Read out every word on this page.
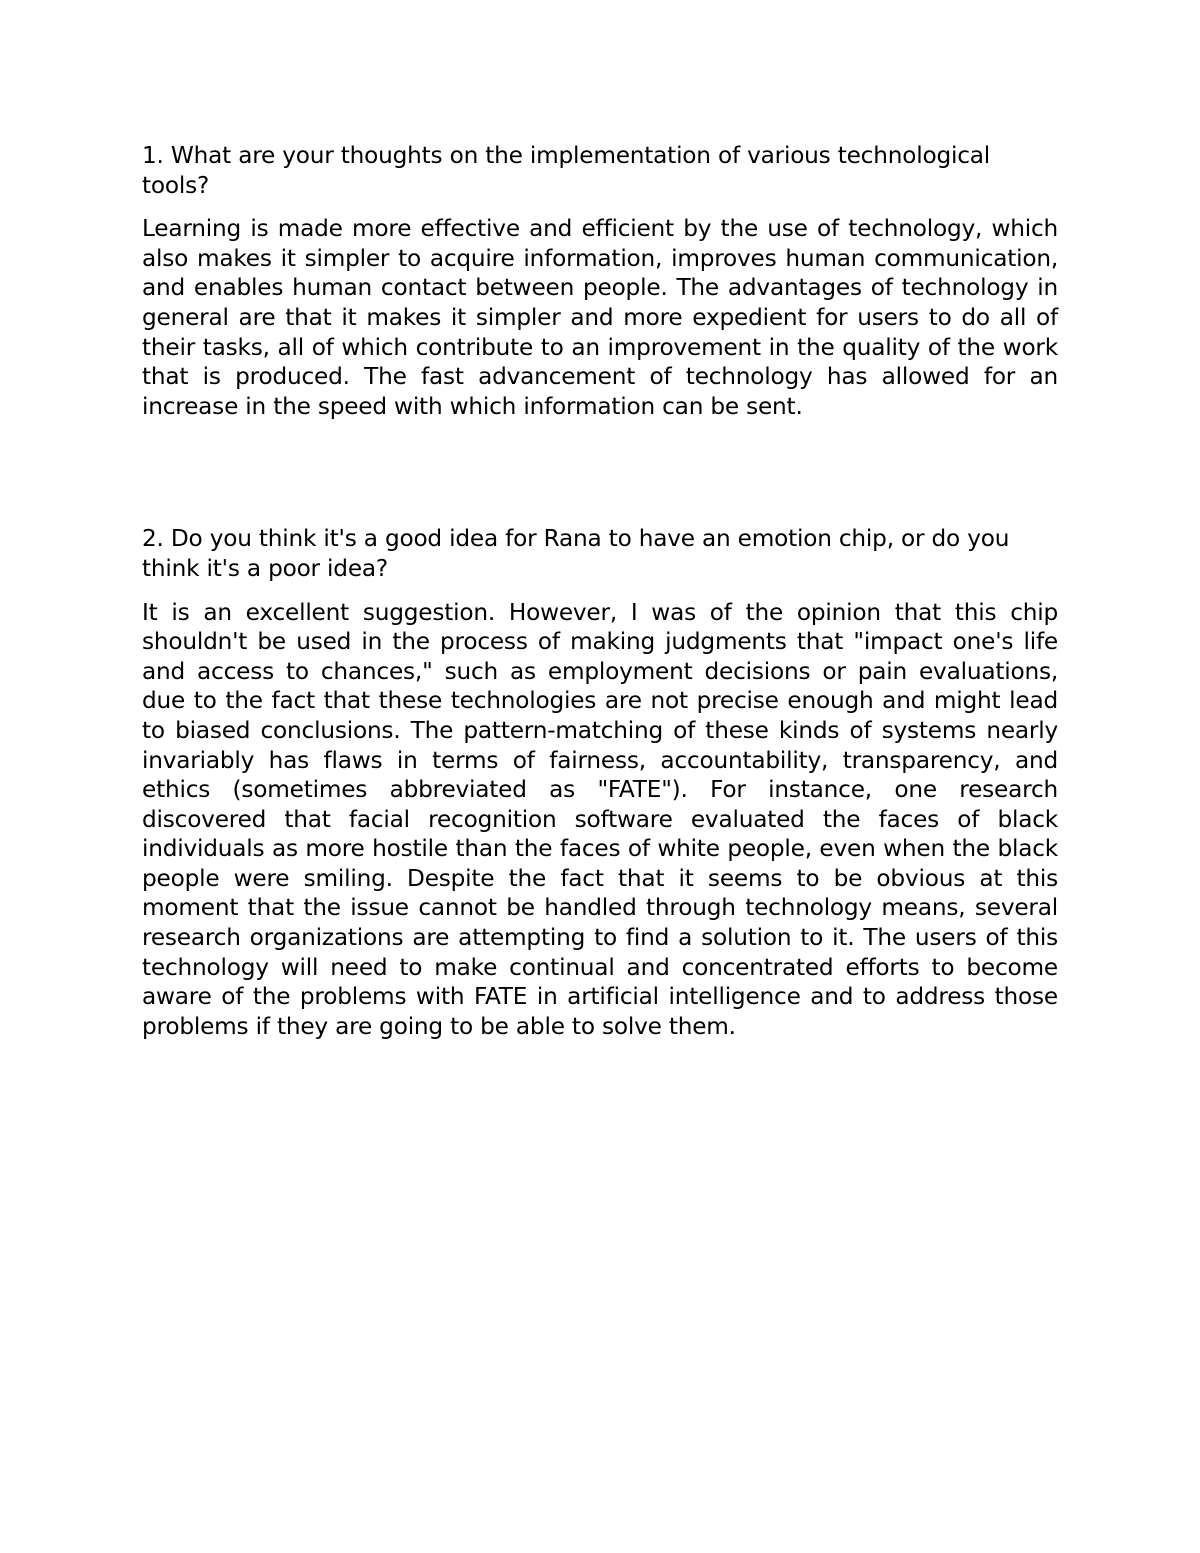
1. What are your thoughts on the implementation of various technological tools?

Learning is made more effective and efficient by the use of technology, which also makes it simpler to acquire information, improves human communication, and enables human contact between people. The advantages of technology in general are that it makes it simpler and more expedient for users to do all of their tasks, all of which contribute to an improvement in the quality of the work that is produced. The fast advancement of technology has allowed for an increase in the speed with which information can be sent.

2. Do you think it's a good idea for Rana to have an emotion chip, or do you think it's a poor idea?

It is an excellent suggestion. However, I was of the opinion that this chip shouldn't be used in the process of making judgments that "impact one's life and access to chances," such as employment decisions or pain evaluations, due to the fact that these technologies are not precise enough and might lead to biased conclusions. The pattern-matching of these kinds of systems nearly invariably has flaws in terms of fairness, accountability, transparency, and ethics (sometimes abbreviated as "FATE"). For instance, one research discovered that facial recognition software evaluated the faces of black individuals as more hostile than the faces of white people, even when the black people were smiling. Despite the fact that it seems to be obvious at this moment that the issue cannot be handled through technology means, several research organizations are attempting to find a solution to it. The users of this technology will need to make continual and concentrated efforts to become aware of the problems with FATE in artificial intelligence and to address those problems if they are going to be able to solve them.
